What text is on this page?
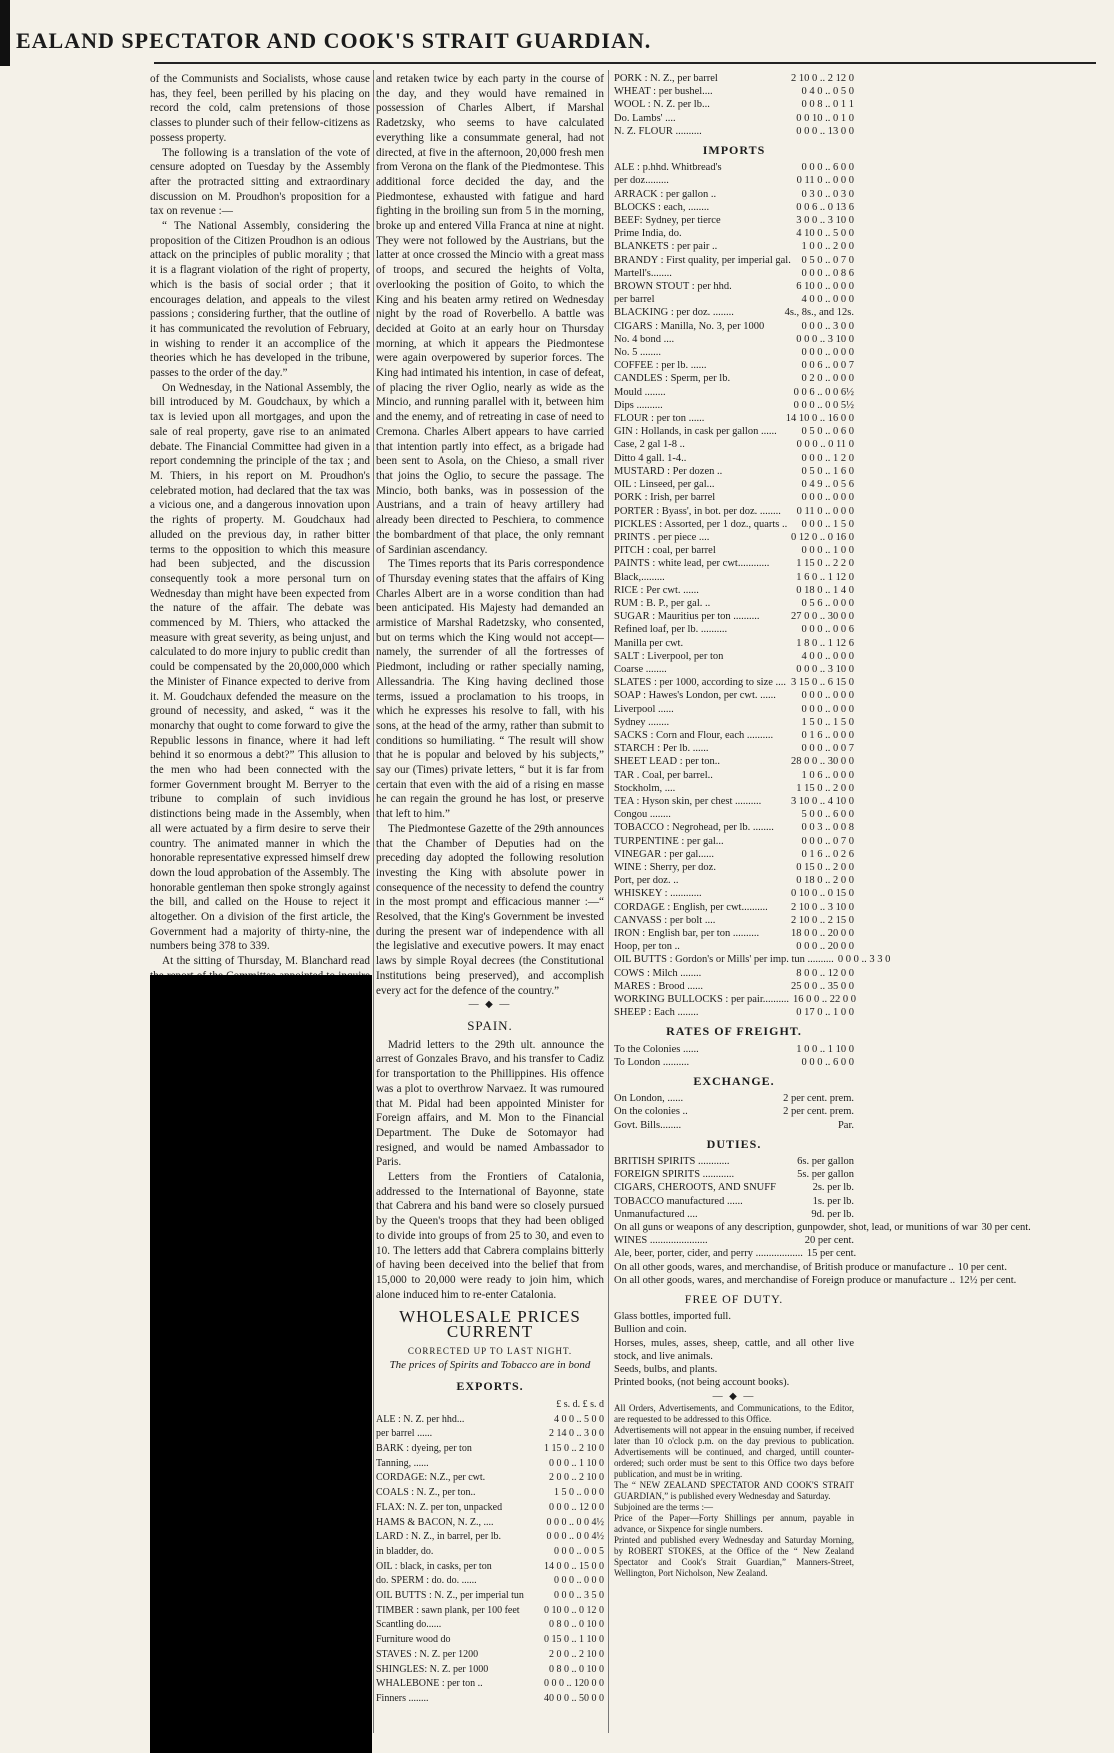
EALAND SPECTATOR AND COOK'S STRAIT GUARDIAN.

of the Communists and Socialists, whose cause has, they feel, been perilled by his placing on record the cold, calm pretensions of those classes to plunder such of their fellow-citizens as possess property.

The following is a translation of the vote of censure adopted on Tuesday by the Assembly after the protracted sitting and extraordinary discussion on M. Proudhon's proposition for a tax on revenue :—

“ The National Assembly, considering the proposition of the Citizen Proudhon is an odious attack on the principles of public morality ; that it is a flagrant violation of the right of property, which is the basis of social order ; that it encourages delation, and appeals to the vilest passions ; considering further, that the outline of it has communicated the revolution of February, in wishing to render it an accomplice of the theories which he has developed in the tribune, passes to the order of the day.”

On Wednesday, in the National Assembly, the bill introduced by M. Goudchaux, by which a tax is levied upon all mortgages, and upon the sale of real property, gave rise to an animated debate. The Financial Committee had given in a report condemning the principle of the tax ; and M. Thiers, in his report on M. Proudhon's celebrated motion, had declared that the tax was a vicious one, and a dangerous innovation upon the rights of property. M. Goudchaux had alluded on the previous day, in rather bitter terms to the opposition to which this measure had been subjected, and the discussion consequently took a more personal turn on Wednesday than might have been expected from the nature of the affair. The debate was commenced by M. Thiers, who attacked the measure with great severity, as being unjust, and calculated to do more injury to public credit than could be compensated by the 20,000,000 which the Minister of Finance expected to derive from it. M. Goudchaux defended the measure on the ground of necessity, and asked, “ was it the monarchy that ought to come forward to give the Republic lessons in finance, where it had left behind it so enormous a debt?” This allusion to the men who had been connected with the former Government brought M. Berryer to the tribune to complain of such invidious distinctions being made in the Assembly, when all were actuated by a firm desire to serve their country. The animated manner in which the honorable representative expressed himself drew down the loud approbation of the Assembly. The honorable gentleman then spoke strongly against the bill, and called on the House to reject it altogether. On a division of the first article, the Government had a majority of thirty-nine, the numbers being 378 to 339.

At the sitting of Thursday, M. Blanchard read

and retaken twice by each party in the course of the day, and they would have remained in possession of Charles Albert, if Marshal Radetzsky, who seems to have calculated everything like a consummate general, had not directed, at five in the afternoon, 20,000 fresh men from Verona on the flank of the Piedmontese. This additional force decided the day, and the Piedmontese, exhausted with fatigue and hard fighting in the broiling sun from 5 in the morning, broke up and entered Villa Franca at nine at night. They were not followed by the Austrians, but the latter at once crossed the Mincio with a great mass of troops, and secured the heights of Volta, overlooking the position of Goito, to which the King and his beaten army retired on Wednesday night by the road of Roverbello. A battle was decided at Goito at an early hour on Thursday morning, at which it appears the Piedmontese were again overpowered by superior forces. The King had intimated his intention, in case of defeat, of placing the river Oglio, nearly as wide as the Mincio, and running parallel with it, between him and the enemy, and of retreating in case of need to Cremona. Charles Albert appears to have carried that intention partly into effect, as a brigade had been sent to Asola, on the Chieso, a small river that joins the Oglio, to secure the passage. The Mincio, both banks, was in possession of the Austrians, and a train of heavy artillery had already been directed to Peschiera, to commence the bombardment of that place, the only remnant of Sardinian ascendancy.

The Times reports that its Paris correspondence of Thursday evening states that the affairs of King Charles Albert are in a worse condition than had been anticipated. His Majesty had demanded an armistice of Marshal Radetzsky, who consented, but on terms which the King would not accept—namely, the surrender of all the fortresses of Piedmont, including or rather specially naming, Allessandria. The King having declined those terms, issued a proclamation to his troops, in which he expresses his resolve to fall, with his sons, at the head of the army, rather than submit to conditions so humiliating. “ The result will show that he is popular and beloved by his subjects,” say our (Times) private letters, “ but it is far from certain that even with the aid of a rising en masse he can regain the ground he has lost, or preserve that left to him.”

The Piedmontese Gazette of the 29th announces that the Chamber of Deputies had on the preceding day adopted the following resolution investing the King with absolute power in consequence of the necessity to defend the country in the most prompt and efficacious manner :—“ Resolved, that the King's Government be invested during the present war of independence with all the legislative and executive powers. It may enact laws by simple Royal decrees (the Constitutional Institutions being preserved), and accomplish every act for the defence of the country.”

— ◆ —
SPAIN.

Madrid letters to the 29th ult. announce the arrest of Gonzales Bravo, and his transfer to Cadiz for transportation to the Phillippines. His offence was a plot to overthrow Narvaez. It was rumoured that M. Pidal had been appointed Minister for Foreign affairs, and M. Mon to the Financial Department. The Duke de Sotomayor had resigned, and would be named Ambassador to Paris.

Letters from the Frontiers of Catalonia, addressed to the International of Bayonne, state that Cabrera and his band were so closely pursued by the Queen's troops that they had been obliged to divide into groups of from 25 to 30, and even to 10. The letters add that Cabrera complains bitterly of having been deceived into the belief that from 15,000 to 20,000 were ready to join him, which alone induced him to re-enter Catalonia.

WHOLESALE PRICES CURRENT
CORRECTED UP TO LAST NIGHT.
The prices of Spirits and Tobacco are in bond
EXPORTS.
£ s. d. £ s. d
ALE : N. Z. per hhd...	4 0 0 .. 5 0 0
per barrel ......	2 14 0 .. 3 0 0
BARK : dyeing, per ton	1 15 0 .. 2 10 0
Tanning, ......	0 0 0 .. 1 10 0
CORDAGE: N.Z., per cwt.	2 0 0 .. 2 10 0
COALS : N. Z., per ton..	1 5 0 .. 0 0 0
FLAX: N. Z. per ton, unpacked	0 0 0 .. 12 0 0
HAMS & BACON, N. Z., ....	0 0 0 .. 0 0 4½
LARD : N. Z., in barrel, per lb.	0 0 0 .. 0 0 4½
in bladder, do.	0 0 0 .. 0 0 5
OIL : black, in casks, per ton	14 0 0 .. 15 0 0
do. SPERM : do. do. ......	0 0 0 .. 0 0 0
OIL BUTTS : N. Z., per imperial tun	0 0 0 .. 3 5 0
TIMBER : sawn plank, per 100 feet	0 10 0 .. 0 12 0
Scantling do......	0 8 0 .. 0 10 0
Furniture wood do	0 15 0 .. 1 10 0
STAVES : N. Z. per 1200	2 0 0 .. 2 10 0
SHINGLES: N. Z. per 1000	0 8 0 .. 0 10 0
WHALEBONE : per ton ..	0 0 0 .. 120 0 0
Finners ........	40 0 0 .. 50 0 0
PORK : N. Z., per barrel	2 10 0 .. 2 12 0
WHEAT : per bushel....	0 4 0 .. 0 5 0
WOOL : N. Z. per lb...	0 0 8 .. 0 1 1
Do. Lambs' ....	0 0 10 .. 0 1 0
N. Z. FLOUR ..........	0 0 0 .. 13 0 0
IMPORTS
ALE : p.hhd. Whitbread's	0 0 0 .. 6 0 0
per doz.........	0 11 0 .. 0 0 0
ARRACK : per gallon ..	0 3 0 .. 0 3 0
BLOCKS : each, ........	0 0 6 .. 0 13 6
BEEF: Sydney, per tierce	3 0 0 .. 3 10 0
Prime India, do.	4 10 0 .. 5 0 0
BLANKETS : per pair ..	1 0 0 .. 2 0 0
BRANDY : First quality, per imperial gal.	0 5 0 .. 0 7 0
Martell's........	0 0 0 .. 0 8 6
BROWN STOUT : per hhd.	6 10 0 .. 0 0 0
per barrel	4 0 0 .. 0 0 0
BLACKING : per doz. ........	4s., 8s., and 12s.
CIGARS : Manilla, No. 3, per 1000	0 0 0 .. 3 0 0
No. 4 bond ....	0 0 0 .. 3 10 0
No. 5 ........	0 0 0 .. 0 0 0
COFFEE : per lb. ......	0 0 6 .. 0 0 7
CANDLES : Sperm, per lb.	0 2 0 .. 0 0 0
Mould ........	0 0 6 .. 0 0 6½
Dips ..........	0 0 0 .. 0 0 5½
FLOUR : per ton ......	14 10 0 .. 16 0 0
GIN : Hollands, in cask per gallon ......	0 5 0 .. 0 6 0
Case, 2 gal 1-8 ..	0 0 0 .. 0 11 0
Ditto 4 gall. 1-4..	0 0 0 .. 1 2 0
MUSTARD : Per dozen ..	0 5 0 .. 1 6 0
OIL : Linseed, per gal...	0 4 9 .. 0 5 6
PORK : Irish, per barrel	0 0 0 .. 0 0 0
PORTER : Byass', in bot. per doz. ........	0 11 0 .. 0 0 0
PICKLES : Assorted, per 1 doz., quarts ..	0 0 0 .. 1 5 0
PRINTS . per piece ....	0 12 0 .. 0 16 0
PITCH : coal, per barrel	0 0 0 .. 1 0 0
PAINTS : white lead, per cwt............	1 15 0 .. 2 2 0
Black,.........	1 6 0 .. 1 12 0
RICE : Per cwt. ......	0 18 0 .. 1 4 0
RUM : B. P., per gal. ..	0 5 6 .. 0 0 0
SUGAR : Mauritius per ton ..........	27 0 0 .. 30 0 0
Refined loaf, per lb. ..........	0 0 0 .. 0 0 6
Manilla per cwt.	1 8 0 .. 1 12 6
SALT : Liverpool, per ton	4 0 0 .. 0 0 0
Coarse ........	0 0 0 .. 3 10 0
SLATES : per 1000, according to size .... 3 15 0 .. 6 15 0
SOAP : Hawes's London, per cwt. ......	0 0 0 .. 0 0 0
Liverpool ......	0 0 0 .. 0 0 0
Sydney ........	1 5 0 .. 1 5 0
SACKS : Corn and Flour, each ..........	0 1 6 .. 0 0 0
STARCH : Per lb. ......	0 0 0 .. 0 0 7
SHEET LEAD : per ton..	28 0 0 .. 30 0 0
TAR . Coal, per barrel..	1 0 6 .. 0 0 0
Stockholm, ....	1 15 0 .. 2 0 0
TEA : Hyson skin, per chest ..........	3 10 0 .. 4 10 0
Congou ........	5 0 0 .. 6 0 0
TOBACCO : Negrohead, per lb. ........	0 0 3 .. 0 0 8
TURPENTINE : per gal...	0 0 0 .. 0 7 0
VINEGAR : per gal......	0 1 6 .. 0 2 6
WINE : Sherry, per doz.	0 15 0 .. 2 0 0
Port, per doz. ..	0 18 0 .. 2 0 0
WHISKEY : ............	0 10 0 .. 0 15 0
CORDAGE : English, per cwt..........	2 10 0 .. 3 10 0
CANVASS : per bolt ....	2 10 0 .. 2 15 0
IRON : English bar, per ton ..........	18 0 0 .. 20 0 0
Hoop, per ton ..	0 0 0 .. 20 0 0
OIL BUTTS : Gordon's or Mills' per imp. tun .......... 0 0 0 .. 3 3 0
COWS : Milch ........	8 0 0 .. 12 0 0
MARES : Brood ......	25 0 0 .. 35 0 0
WORKING BULLOCKS : per pair.......... 16 0 0 .. 22 0 0
SHEEP : Each ........	0 17 0 .. 1 0 0
RATES OF FREIGHT.
To the Colonies ......	1 0 0 .. 1 10 0
To London ..........	0 0 0 .. 6 0 0
EXCHANGE.
On London, ......	2 per cent. prem.
On the colonies ..	2 per cent. prem.
Govt. Bills........	Par.
DUTIES.
BRITISH SPIRITS ............	6s. per gallon
FOREIGN SPIRITS ............	5s. per gallon
CIGARS, CHEROOTS, AND SNUFF	2s. per lb.
TOBACCO manufactured ......	1s. per lb.
Unmanufactured ....	9d. per lb.
On all guns or weapons of any description, gunpowder, shot, lead, or munitions of war 30 per cent.
WINES ......................	20 per cent.
Ale, beer, porter, cider, and perry .................. 15 per cent.
On all other goods, wares, and merchandise, of British produce or manufacture .. 10 per cent.
On all other goods, wares, and merchandise of Foreign produce or manufacture .. 12½ per cent.
FREE OF DUTY.
Glass bottles, imported full.
Bullion and coin.
Horses, mules, asses, sheep, cattle, and all other live stock, and live animals.
Seeds, bulbs, and plants.
Printed books, (not being account books).
— ◆ —
All Orders, Advertisements, and Communications, to the Editor, are requested to be addressed to this Office.
Advertisements will not appear in the ensuing number, if received later than 10 o'clock p.m. on the day previous to publication. Advertisements will be continued, and charged, untill counter-ordered; such order must be sent to this Office two days before publication, and must be in writing.
The “ NEW ZEALAND SPECTATOR AND COOK'S STRAIT GUARDIAN,” is published every Wednesday and Saturday.
Subjoined are the terms :—
Price of the Paper—Forty Shillings per annum, payable in advance, or Sixpence for single numbers.
Printed and published every Wednesday and Saturday Morning, by ROBERT STOKES, at the Office of the “ New Zealand Spectator and Cook's Strait Guardian,” Manners-Street, Wellington, Port Nicholson, New Zealand.
